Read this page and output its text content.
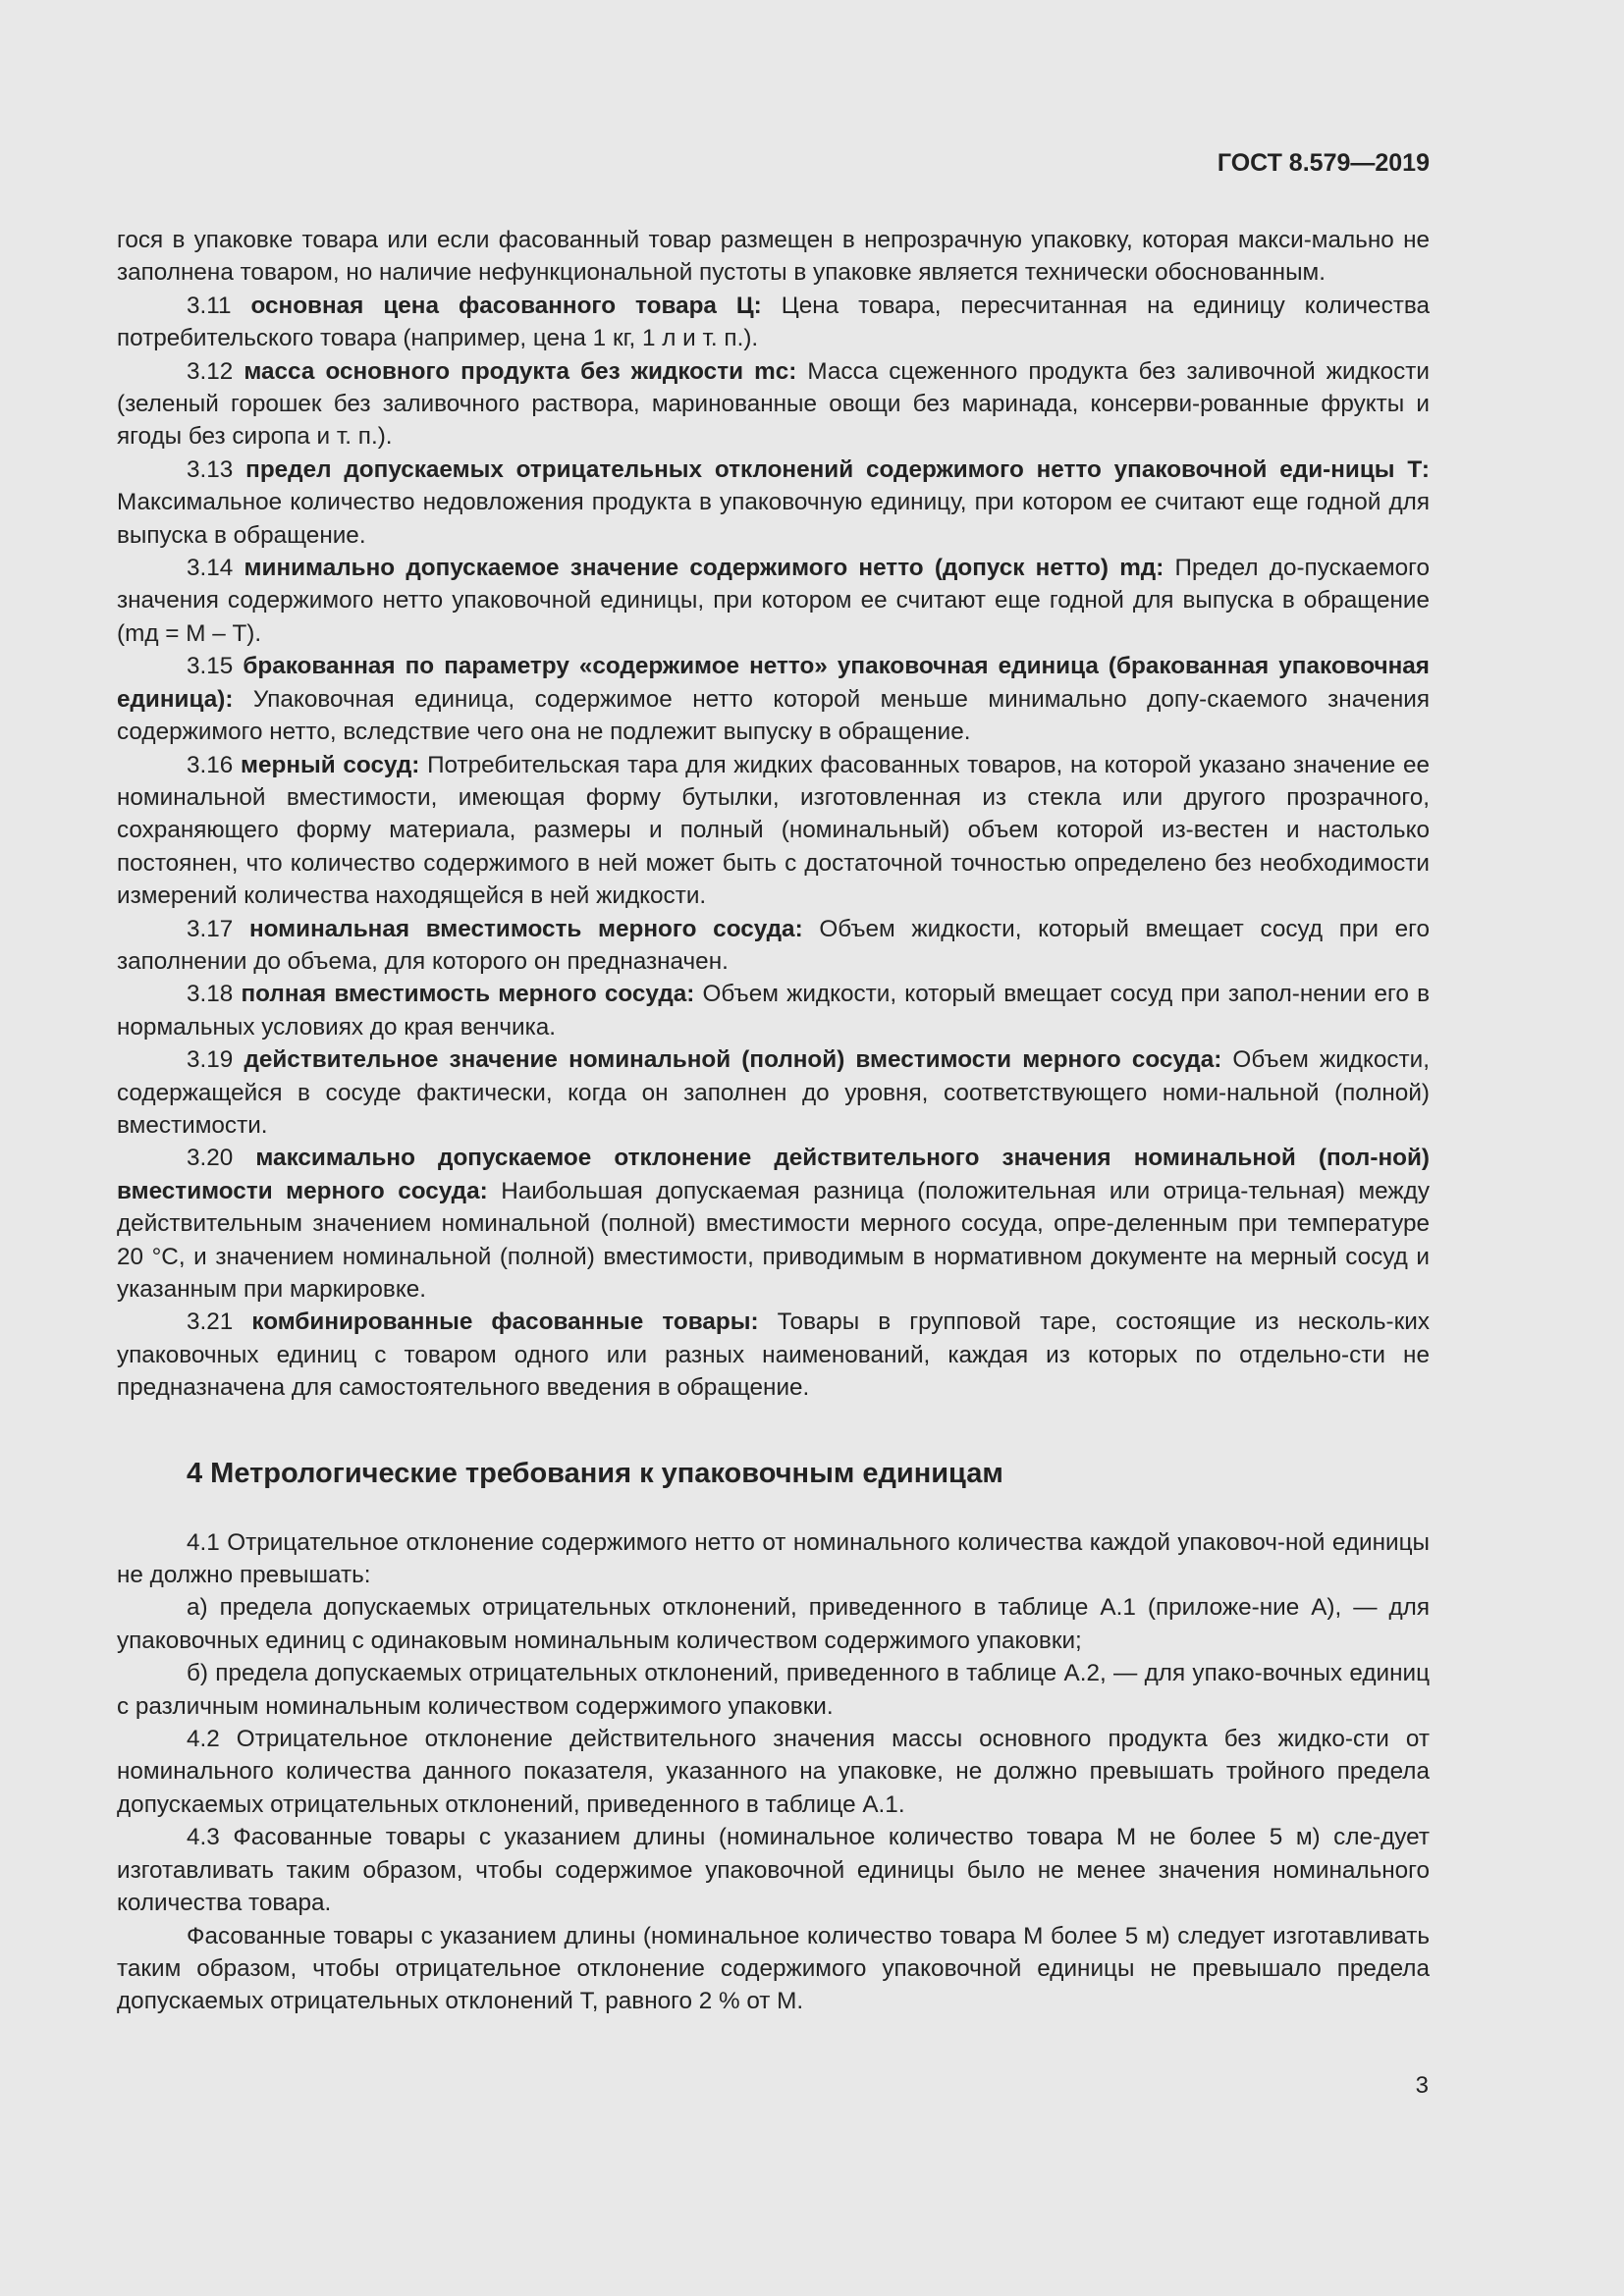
ГОСТ 8.579—2019

гося в упаковке товара или если фасованный товар размещен в непрозрачную упаковку, которая макси-мально не заполнена товаром, но наличие нефункциональной пустоты в упаковке является технически обоснованным.

3.11 основная цена фасованного товара Ц: Цена товара, пересчитанная на единицу количества потребительского товара (например, цена 1 кг, 1 л и т. п.).

3.12 масса основного продукта без жидкости mс: Масса сцеженного продукта без заливочной жидкости (зеленый горошек без заливочного раствора, маринованные овощи без маринада, консерви-рованные фрукты и ягоды без сиропа и т. п.).

3.13 предел допускаемых отрицательных отклонений содержимого нетто упаковочной еди-ницы Т: Максимальное количество недовложения продукта в упаковочную единицу, при котором ее считают еще годной для выпуска в обращение.

3.14 минимально допускаемое значение содержимого нетто (допуск нетто) mд: Предел до-пускаемого значения содержимого нетто упаковочной единицы, при котором ее считают еще годной для выпуска в обращение (mд = М – Т).

3.15 бракованная по параметру «содержимое нетто» упаковочная единица (бракованная упаковочная единица): Упаковочная единица, содержимое нетто которой меньше минимально допу-скаемого значения содержимого нетто, вследствие чего она не подлежит выпуску в обращение.

3.16 мерный сосуд: Потребительская тара для жидких фасованных товаров, на которой указано значение ее номинальной вместимости, имеющая форму бутылки, изготовленная из стекла или другого прозрачного, сохраняющего форму материала, размеры и полный (номинальный) объем которой из-вестен и настолько постоянен, что количество содержимого в ней может быть с достаточной точностью определено без необходимости измерений количества находящейся в ней жидкости.

3.17 номинальная вместимость мерного сосуда: Объем жидкости, который вмещает сосуд при его заполнении до объема, для которого он предназначен.

3.18 полная вместимость мерного сосуда: Объем жидкости, который вмещает сосуд при запол-нении его в нормальных условиях до края венчика.

3.19 действительное значение номинальной (полной) вместимости мерного сосуда: Объем жидкости, содержащейся в сосуде фактически, когда он заполнен до уровня, соответствующего номи-нальной (полной) вместимости.

3.20 максимально допускаемое отклонение действительного значения номинальной (пол-ной) вместимости мерного сосуда: Наибольшая допускаемая разница (положительная или отрица-тельная) между действительным значением номинальной (полной) вместимости мерного сосуда, опре-деленным при температуре 20 °С, и значением номинальной (полной) вместимости, приводимым в нормативном документе на мерный сосуд и указанным при маркировке.

3.21 комбинированные фасованные товары: Товары в групповой таре, состоящие из несколь-ких упаковочных единиц с товаром одного или разных наименований, каждая из которых по отдельно-сти не предназначена для самостоятельного введения в обращение.

4 Метрологические требования к упаковочным единицам

4.1 Отрицательное отклонение содержимого нетто от номинального количества каждой упаковоч-ной единицы не должно превышать:

а) предела допускаемых отрицательных отклонений, приведенного в таблице А.1 (приложе-ние А), — для упаковочных единиц с одинаковым номинальным количеством содержимого упаковки;

б) предела допускаемых отрицательных отклонений, приведенного в таблице А.2, — для упако-вочных единиц с различным номинальным количеством содержимого упаковки.

4.2 Отрицательное отклонение действительного значения массы основного продукта без жидко-сти от номинального количества данного показателя, указанного на упаковке, не должно превышать тройного предела допускаемых отрицательных отклонений, приведенного в таблице А.1.

4.3 Фасованные товары с указанием длины (номинальное количество товара М не более 5 м) сле-дует изготавливать таким образом, чтобы содержимое упаковочной единицы было не менее значения номинального количества товара.

Фасованные товары с указанием длины (номинальное количество товара М более 5 м) следует изготавливать таким образом, чтобы отрицательное отклонение содержимого упаковочной единицы не превышало предела допускаемых отрицательных отклонений Т, равного 2 % от М.

3
